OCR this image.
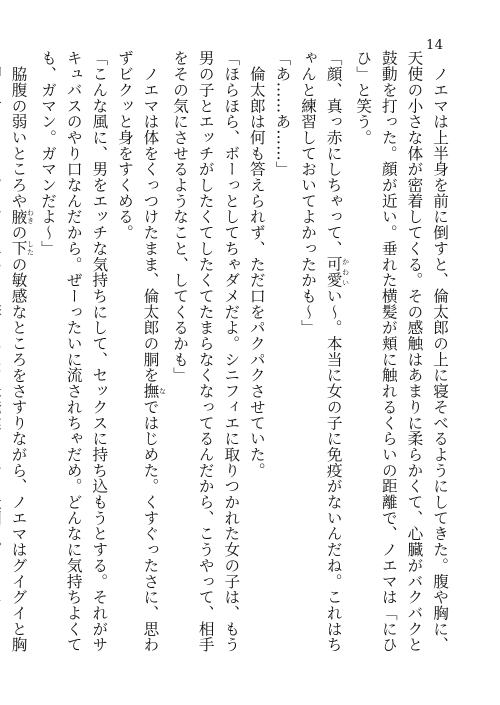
14
　ノエマは上半身を前に倒すと、倫太郎の上に寝そべるようにしてきた。腹や胸に、天使の小さな体が密着してくる。その感触はあまりに柔らかくて、心臓がバクバクと鼓動を打った。顔が近い。垂れた横髪が頬に触れるくらいの距離で、ノエマは「にひひ」と笑う。
「顔、真っ赤にしちゃって、可愛 かわいい〜。本当に女の子に免疫がないんだね。これはちゃんと練習しておいてよかったかも〜」
「あ……あ……」
　倫太郎は何も答えられず、ただ口をパクパクさせていた。
「ほらほら、ボーっとしてちゃダメだよ。シニフィエに取りつかれた女の子は、もう男の子とエッチがしたくてしたくてたまらなくなってるんだから、こうやって、相手をその気にさせるようなこと、してくるかも」
　ノエマは体をくっつけたまま、倫太郎の胴を撫 なではじめた。くすぐったさに、思わずビクッと身をすくめる。
「こんな風に、男をエッチな気持ちにして、セックスに持ち込もうとする。それがサキュバスのやり口なんだから。ぜーったいに流されちゃだめ。どんなに気持ちよくても、ガマン。ガマンだよ〜」
　脇腹の弱いところや腋 わきの下 したの敏感なところをさすりながら、ノエマはグイグイと胸
